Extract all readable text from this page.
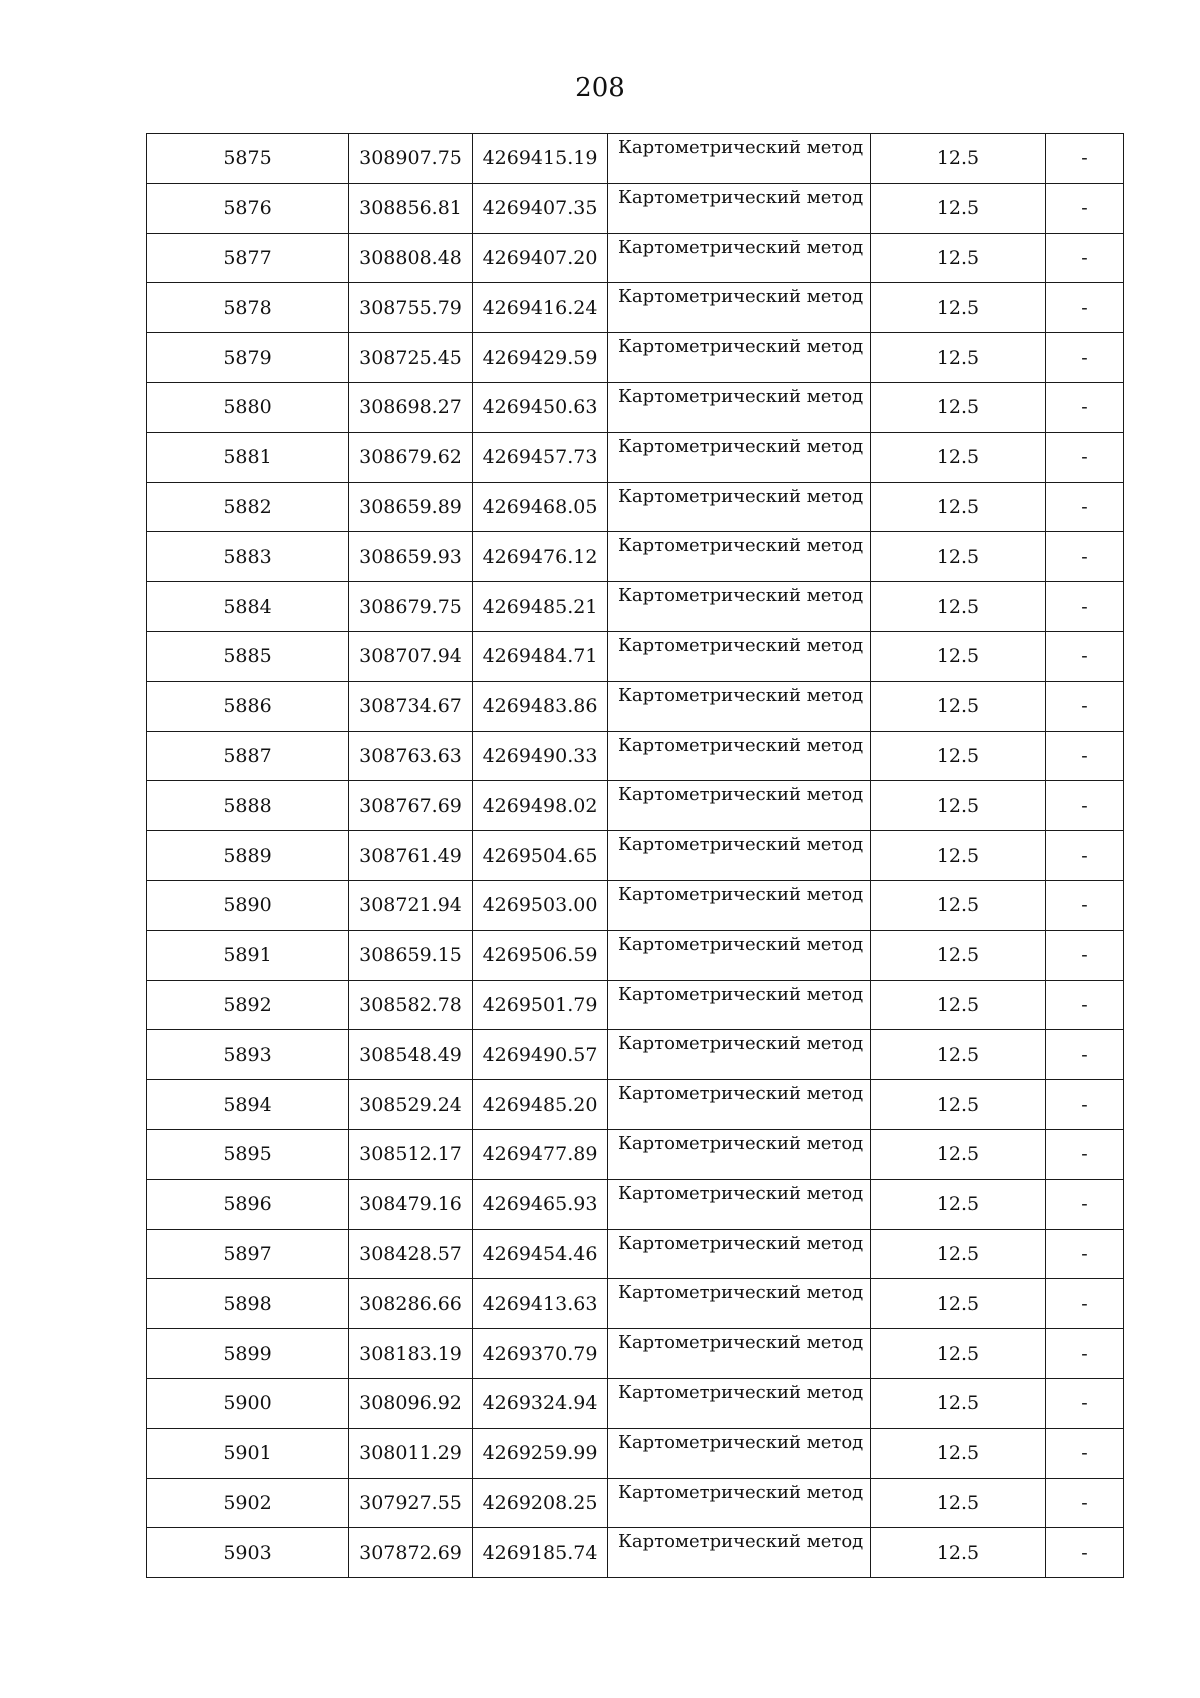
208
5875	308907.75	4269415.19	Картометрический метод	12.5	-
5876	308856.81	4269407.35	Картометрический метод	12.5	-
5877	308808.48	4269407.20	Картометрический метод	12.5	-
5878	308755.79	4269416.24	Картометрический метод	12.5	-
5879	308725.45	4269429.59	Картометрический метод	12.5	-
5880	308698.27	4269450.63	Картометрический метод	12.5	-
5881	308679.62	4269457.73	Картометрический метод	12.5	-
5882	308659.89	4269468.05	Картометрический метод	12.5	-
5883	308659.93	4269476.12	Картометрический метод	12.5	-
5884	308679.75	4269485.21	Картометрический метод	12.5	-
5885	308707.94	4269484.71	Картометрический метод	12.5	-
5886	308734.67	4269483.86	Картометрический метод	12.5	-
5887	308763.63	4269490.33	Картометрический метод	12.5	-
5888	308767.69	4269498.02	Картометрический метод	12.5	-
5889	308761.49	4269504.65	Картометрический метод	12.5	-
5890	308721.94	4269503.00	Картометрический метод	12.5	-
5891	308659.15	4269506.59	Картометрический метод	12.5	-
5892	308582.78	4269501.79	Картометрический метод	12.5	-
5893	308548.49	4269490.57	Картометрический метод	12.5	-
5894	308529.24	4269485.20	Картометрический метод	12.5	-
5895	308512.17	4269477.89	Картометрический метод	12.5	-
5896	308479.16	4269465.93	Картометрический метод	12.5	-
5897	308428.57	4269454.46	Картометрический метод	12.5	-
5898	308286.66	4269413.63	Картометрический метод	12.5	-
5899	308183.19	4269370.79	Картометрический метод	12.5	-
5900	308096.92	4269324.94	Картометрический метод	12.5	-
5901	308011.29	4269259.99	Картометрический метод	12.5	-
5902	307927.55	4269208.25	Картометрический метод	12.5	-
5903	307872.69	4269185.74	Картометрический метод	12.5	-
